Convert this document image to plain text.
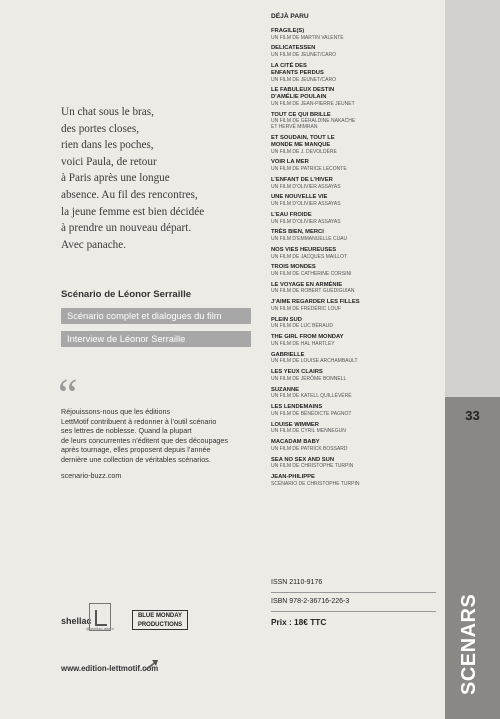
Un chat sous le bras,
des portes closes,
rien dans les poches,
voici Paula, de retour
à Paris après une longue
absence. Au fil des rencontres,
la jeune femme est bien décidée
à prendre un nouveau départ.
Avec panache.
Scénario de Léonor Serraille
Scénario complet et dialogues du film
Interview de Léonor Serraille
“
Réjouissons-nous que les éditions
LettMotif contribuent à redonner à l’outil scénario
ses lettres de noblesse. Quand la plupart
de leurs concurrentes n’éditent que des découpages
après tournage, elles proposent depuis l’année
dernière une collection de véritables scénarios.
scenario-buzz.com
shellac
@shellac-altern
BLUE MONDAY
PRODUCTIONS
www.edition-lettmotif.com
DÉJÀ PARU
FRAGILE(S)
UN FILM DE MARTIN VALENTE
DELICATESSEN
UN FILM DE JEUNET/CARO
LA CITÉ DES
ENFANTS PERDUS
UN FILM DE JEUNET/CARO
LE FABULEUX DESTIN
D’AMÉLIE POULAIN
UN FILM DE JEAN-PIERRE JEUNET
TOUT CE QUI BRILLE
UN FILM DE GÉRALDINE NAKACHE
ET HERVÉ MIMRAN
ET SOUDAIN, TOUT LE
MONDE ME MANQUE
UN FILM DE J. DEVOLDÈRE
VOIR LA MER
UN FILM DE PATRICE LECONTE
L’ENFANT DE L’HIVER
UN FILM D’OLIVIER ASSAYAS
UNE NOUVELLE VIE
UN FILM D’OLIVIER ASSAYAS
L’EAU FROIDE
UN FILM D’OLIVIER ASSAYAS
TRÈS BIEN, MERCI
UN FILM D’EMMANUELLE CUAU
NOS VIES HEUREUSES
UN FILM DE JACQUES MAILLOT
TROIS MONDES
UN FILM DE CATHERINE CORSINI
LE VOYAGE EN ARMÉNIE
UN FILM DE ROBERT GUÉDIGUIAN
J’AIME REGARDER LES FILLES
UN FILM DE FRÉDÉRIC LOUF
PLEIN SUD
UN FILM DE LUC BÉRAUD
THE GIRL FROM MONDAY
UN FILM DE HAL HARTLEY
GABRIELLE
UN FILM DE LOUISE ARCHAMBAULT
LES YEUX CLAIRS
UN FILM DE JÉRÔME BONNELL
SUZANNE
UN FILM DE KATELL QUILLÉVÉRÉ
LES LENDEMAINS
UN FILM DE BÉNÉDICTE PAGNOT
LOUISE WIMMER
UN FILM DE CYRIL MENNEGUN
MACADAM BABY
UN FILM DE PATRICK BOSSARD
SEA NO SEX AND SUN
UN FILM DE CHRISTOPHE TURPIN
JEAN-PHILIPPE
SCÉNARIO DE CHRISTOPHE TURPIN
ISSN 2110-9176
ISBN 978-2-36716-226-3
Prix : 18€ TTC
33
SCENARS
